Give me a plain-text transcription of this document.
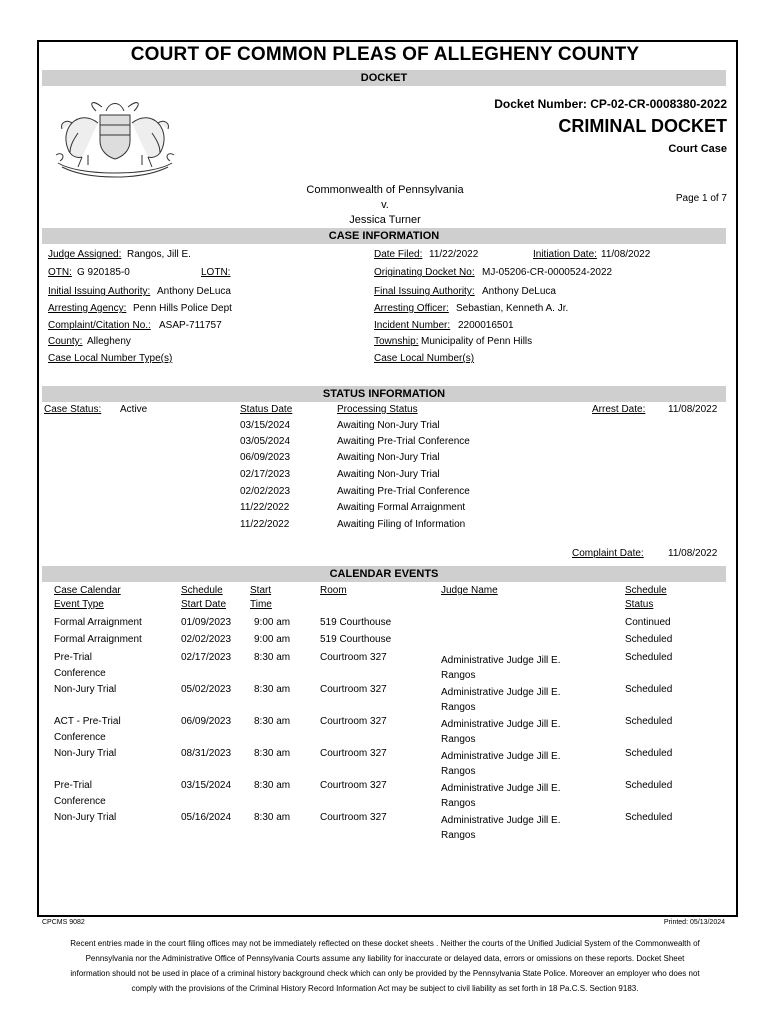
COURT OF COMMON PLEAS OF ALLEGHENY COUNTY
DOCKET
Docket Number: CP-02-CR-0008380-2022
CRIMINAL DOCKET
Court Case
Commonwealth of Pennsylvania
v.
Jessica Turner
Page 1 of 7
CASE INFORMATION
Judge Assigned: Rangos, Jill E.	Date Filed: 11/22/2022	Initiation Date: 11/08/2022
OTN: G 920185-0	LOTN:	Originating Docket No: MJ-05206-CR-0000524-2022
Initial Issuing Authority: Anthony DeLuca	Final Issuing Authority: Anthony DeLuca
Arresting Agency: Penn Hills Police Dept	Arresting Officer: Sebastian, Kenneth A. Jr.
Complaint/Citation No.: ASAP-711757	Incident Number: 2200016501
County: Allegheny	Township: Municipality of Penn Hills
Case Local Number Type(s)	Case Local Number(s)
STATUS INFORMATION
Case Status: Active	Status Date	Processing Status	Arrest Date: 11/08/2022
03/15/2024	Awaiting Non-Jury Trial
03/05/2024	Awaiting Pre-Trial Conference
06/09/2023	Awaiting Non-Jury Trial
02/17/2023	Awaiting Non-Jury Trial
02/02/2023	Awaiting Pre-Trial Conference
11/22/2022	Awaiting Formal Arraignment
11/22/2022	Awaiting Filing of Information
Complaint Date: 11/08/2022
CALENDAR EVENTS
Case Calendar	Schedule	Start	Room	Judge Name	Schedule
Event Type	Start Date Time	Status
Formal Arraignment	01/09/2023 9:00 am	519 Courthouse	Continued
Formal Arraignment	02/02/2023 9:00 am	519 Courthouse	Scheduled
Pre-Trial	02/17/2023 8:30 am	Courtroom 327	Administrative Judge Jill E.	Scheduled
Conference	Rangos
Non-Jury Trial	05/02/2023 8:30 am	Courtroom 327	Administrative Judge Jill E.	Scheduled
Rangos
ACT - Pre-Trial	06/09/2023 8:30 am	Courtroom 327	Administrative Judge Jill E.	Scheduled
Conference	Rangos
Non-Jury Trial	08/31/2023 8:30 am	Courtroom 327	Administrative Judge Jill E.	Scheduled
Rangos
Pre-Trial	03/15/2024 8:30 am	Courtroom 327	Administrative Judge Jill E.	Scheduled
Conference	Rangos
Non-Jury Trial	05/16/2024 8:30 am	Courtroom 327	Administrative Judge Jill E.	Scheduled
Rangos
CPCMS 9082	Printed: 05/13/2024
Recent entries made in the court filing offices may not be immediately reflected on these docket sheets . Neither the courts of the Unified Judicial System of the Commonwealth of Pennsylvania nor the Administrative Office of Pennsylvania Courts assume any liability for inaccurate or delayed data, errors or omissions on these reports. Docket Sheet information should not be used in place of a criminal history background check which can only be provided by the Pennsylvania State Police. Moreover an employer who does not comply with the provisions of the Criminal History Record Information Act may be subject to civil liability as set forth in 18 Pa.C.S. Section 9183.
